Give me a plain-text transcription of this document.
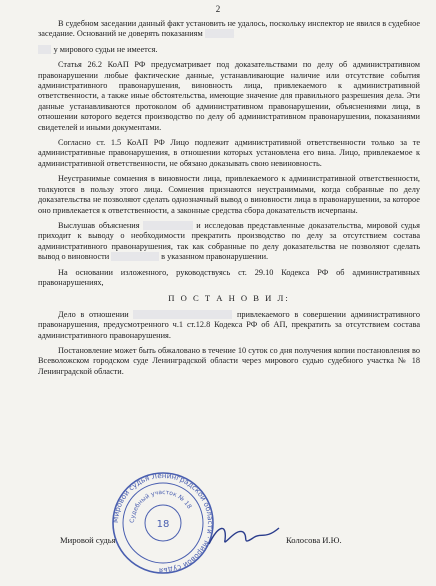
2

В судебном заседании данный факт установить не удалось, поскольку инспектор не явился в судебное заседание. Оснований не доверять показаниям Иванова

Ива у мирового судьи не имеется.

Статья 26.2 КоАП РФ предусматривает под доказательствами по делу об административном правонарушении любые фактические данные, устанавливающие наличие или отсутствие события административного правонарушения, виновность лица, привлекаемого к административной ответственности, а также иные обстоятельства, имеющие значение для правильного разрешения дела. Эти данные устанавливаются протоколом об административном правонарушении, объяснениями лица, в отношении которого ведется производство по делу об административном правонарушении, показаниями свидетелей и иными документами.

Согласно ст. 1.5 КоАП РФ Лицо подлежит административной ответственности только за те административные правонарушения, в отношении которых установлена его вина. Лицо, привлекаемое к административной ответственности, не обязано доказывать свою невиновность.

Неустранимые сомнения в виновности лица, привлекаемого к административной ответственности, толкуются в пользу этого лица. Сомнения признаются неустранимыми, когда собранные по делу доказательства не позволяют сделать однозначный вывод о виновности лица в правонарушении, за которое оно привлекается к ответственности, а законные средства сбора доказательств исчерпаны.

Выслушав объяснения Иванова И.И. и исследовав представленные доказательства, мировой судья приходит к выводу о необходимости прекратить производство по делу за отсутствием состава административного правонарушения, так как собранные по делу доказательства не позволяют сделать вывод о виновности Иванова И.И. в указанном правонарушении.

На основании изложенного, руководствуясь ст. 29.10 Кодекса РФ об административных правонарушениях,

П О С Т А Н О В И Л:

Дело в отношении Иванова Ивана Ивановича привлекаемого в совершении административного правонарушения, предусмотренного ч.1 ст.12.8 Кодекса РФ об АП, прекратить за отсутствием состава административного правонарушения.

Постановление может быть обжаловано в течение 10 суток со дня получения копии постановления во Всеволожском городском суде Ленинградской области через мирового судью судебного участка № 18 Ленинградской области.

Мировой судья Ленинградской области · Мировой судья
Судебный участок № 18
18
Мировой судья	Колосова И.Ю.
